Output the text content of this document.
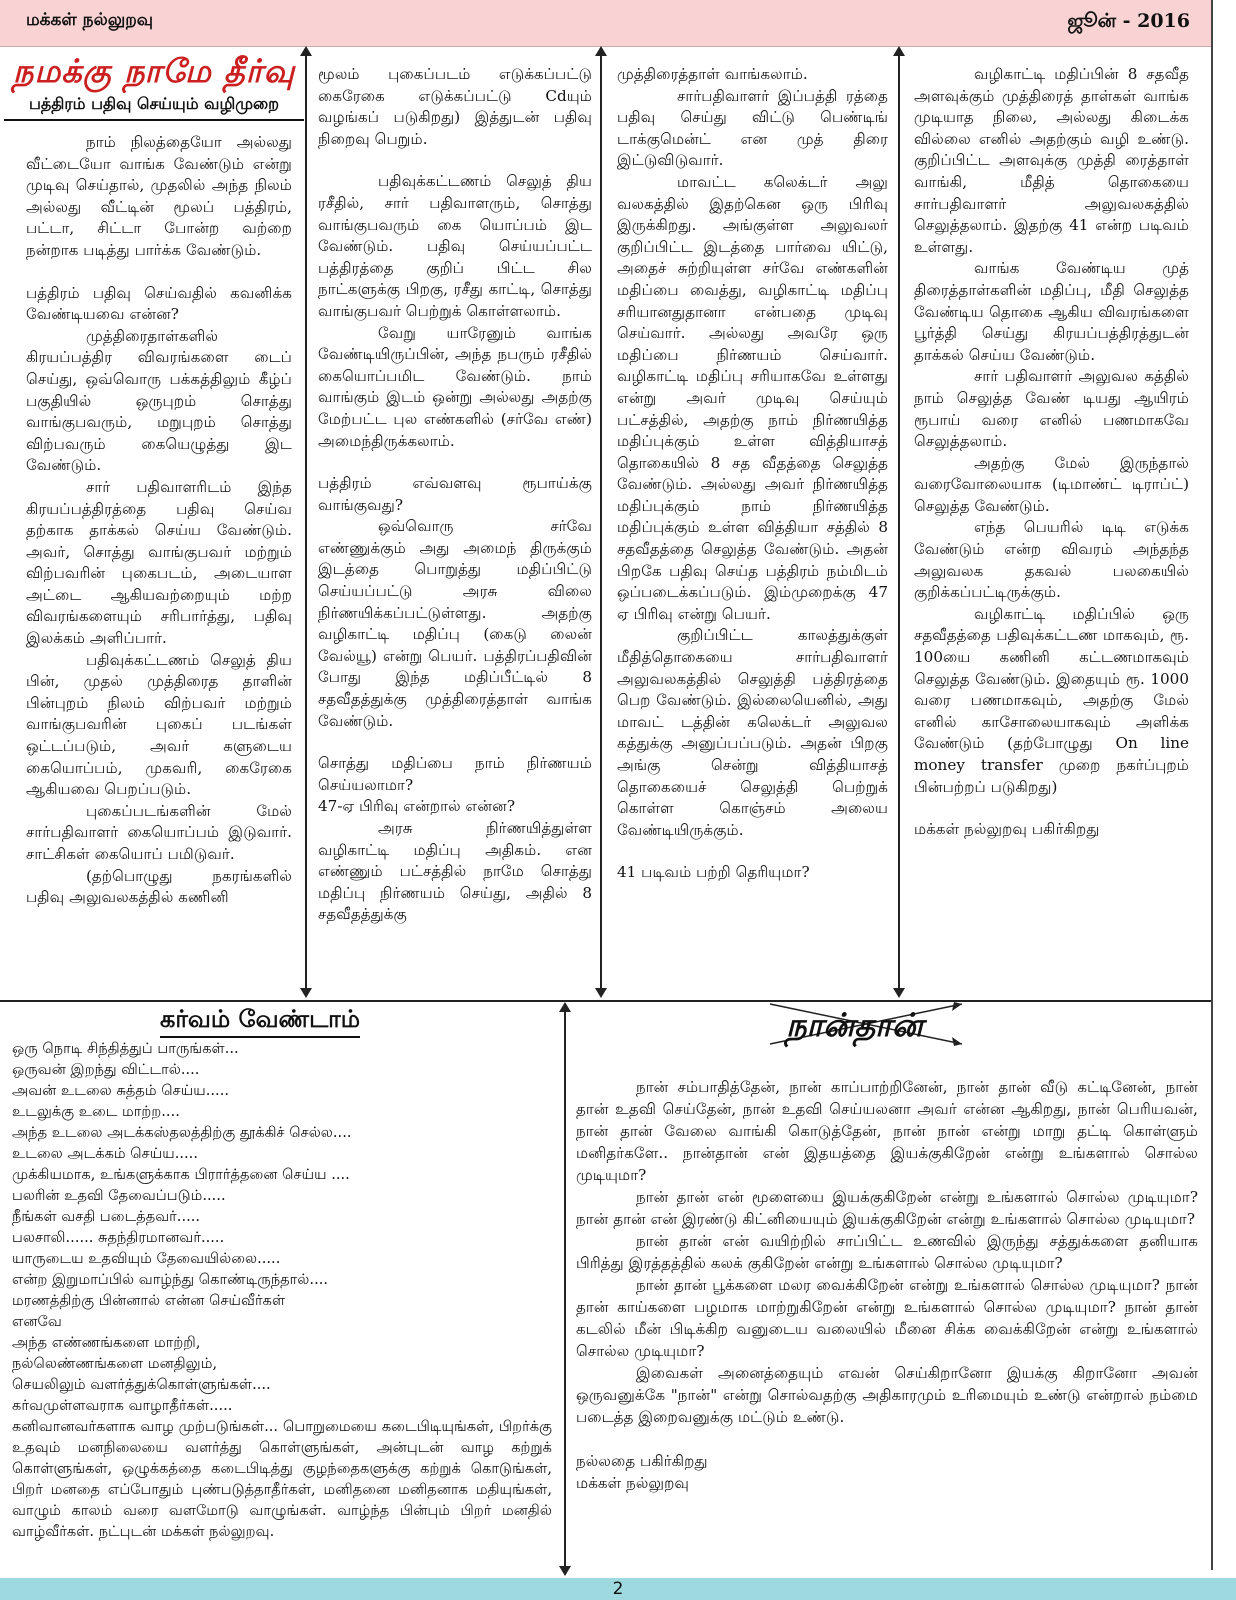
மக்கள் நல்லுறவு	ஜூன் - 2016
நமக்கு நாமே தீர்வு
பத்திரம் பதிவு செய்யும் வழிமுறை

நாம் நிலத்தையோ அல்லது வீட்டையோ வாங்க வேண்டும் என்று முடிவு செய்தால், முதலில் அந்த நிலம் அல்லது வீட்டின் மூலப் பத்திரம், பட்டா, சிட்டா போன்ற வற்றை நன்றாக படித்து பார்க்க வேண்டும்.

பத்திரம் பதிவு செய்வதில் கவனிக்க வேண்டியவை என்ன?

முத்திரைதாள்களில் கிரயப்பத்திர விவரங்களை டைப் செய்து, ஒவ்வொரு பக்கத்திலும் கீழ்ப் பகுதியில் ஒருபுறம் சொத்து வாங்குபவரும், மறுபுறம் சொத்து விற்பவரும் கையெழுத்து இட வேண்டும்.

சார் பதிவாளரிடம் இந்த கிரயப்பத்திரத்தை பதிவு செய்வ தற்காக தாக்கல் செய்ய வேண்டும். அவர், சொத்து வாங்குபவர் மற்றும் விற்பவரின் புகைபடம், அடையாள அட்டை ஆகியவற்றையும் மற்ற விவரங்களையும் சரிபார்த்து, பதிவு இலக்கம் அளிப்பார்.

பதிவுக்கட்டணம் செலுத் திய பின், முதல் முத்திரைத தாளின் பின்புறம் நிலம் விற்பவர் மற்றும் வாங்குபவரின் புகைப் படங்கள் ஒட்டப்படும், அவர் களுடைய கையொப்பம், முகவரி, கைரேகை ஆகியவை பெறப்படும்.

புகைப்படங்களின் மேல் சார்பதிவாளர் கையொப்பம் இடுவார். சாட்சிகள் கையொப் பமிடுவர்.

(தற்பொழுது நகரங்களில் பதிவு அலுவலகத்தில் கணினி

மூலம் புகைப்படம் எடுக்கப்பட்டு கைரேகை எடுக்கப்பட்டு Cdயும் வழங்கப் படுகிறது) இத்துடன் பதிவு நிறைவு பெறும்.

பதிவுக்கட்டணம் செலுத் திய ரசீதில், சார் பதிவாளரும், சொத்து வாங்குபவரும் கை யொப்பம் இட வேண்டும். பதிவு செய்யப்பட்ட பத்திரத்தை குறிப் பிட்ட சில நாட்களுக்கு பிறகு, ரசீது காட்டி, சொத்து வாங்குபவர் பெற்றுக் கொள்ளலாம்.

வேறு யாரேனும் வாங்க வேண்டியிருப்பின், அந்த நபரும் ரசீதில் கையொப்பமிட வேண்டும். நாம் வாங்கும் இடம் ஒன்று அல்லது அதற்கு மேற்பட்ட புல எண்களில் (சர்வே எண்) அமைந்திருக்கலாம்.

பத்திரம் எவ்வளவு ரூபாய்க்கு வாங்குவது?

ஒவ்வொரு சர்வே எண்ணுக்கும் அது அமைந் திருக்கும் இடத்தை பொறுத்து மதிப்பிட்டு செய்யப்பட்டு அரசு விலை நிர்ணயிக்கப்பட்டுள்ளது. அதற்கு வழிகாட்டி மதிப்பு (கைடு லைன் வேல்யூ) என்று பெயர். பத்திரப்பதிவின் போது இந்த மதிப்பீட்டில் 8 சதவீதத்துக்கு முத்திரைத்தாள் வாங்க வேண்டும்.

சொத்து மதிப்பை நாம் நிர்ணயம் செய்யலாமா?

47-ஏ பிரிவு என்றால் என்ன?

அரசு நிர்ணயித்துள்ள வழிகாட்டி மதிப்பு அதிகம். என எண்ணும் பட்சத்தில் நாமே சொத்து மதிப்பு நிர்ணயம் செய்து, அதில் 8 சதவீதத்துக்கு

முத்திரைத்தாள் வாங்கலாம்.

சார்பதிவாளர் இப்பத்தி ரத்தை பதிவு செய்து விட்டு பெண்டிங் டாக்குமென்ட் என முத் திரை இட்டுவிடுவார்.

மாவட்ட கலெக்டர் அலு வலகத்தில் இதற்கென ஒரு பிரிவு இருக்கிறது. அங்குள்ள அலுவலர் குறிப்பிட்ட இடத்தை பார்வை யிட்டு, அதைச் சுற்றியுள்ள சர்வே எண்களின் மதிப்பை வைத்து, வழிகாட்டி மதிப்பு சரியானதுதானா என்பதை முடிவு செய்வார். அல்லது அவரே ஒரு மதிப்பை நிர்ணயம் செய்வார். வழிகாட்டி மதிப்பு சரியாகவே உள்ளது என்று அவர் முடிவு செய்யும் பட்சத்தில், அதற்கு நாம் நிர்ணயித்த மதிப்புக்கும் உள்ள வித்தியாசத் தொகையில் 8 சத வீதத்தை செலுத்த வேண்டும். அல்லது அவர் நிர்ணயித்த மதிப்புக்கும் நாம் நிர்ணயித்த மதிப்புக்கும் உள்ள வித்தியா சத்தில் 8 சதவீதத்தை செலுத்த வேண்டும். அதன் பிறகே பதிவு செய்த பத்திரம் நம்மிடம் ஒப்படைக்கப்படும். இம்முறைக்கு 47 ஏ பிரிவு என்று பெயர்.

குறிப்பிட்ட காலத்துக்குள் மீதித்தொகையை சார்பதிவாளர் அலுவலகத்தில் செலுத்தி பத்திரத்தை பெற வேண்டும். இல்லையெனில், அது மாவட் டத்தின் கலெக்டர் அலுவல கத்துக்கு அனுப்பப்படும். அதன் பிறகு அங்கு சென்று வித்தியாசத் தொகையைச் செலுத்தி பெற்றுக் கொள்ள கொஞ்சம் அலைய வேண்டியிருக்கும்.

41 படிவம் பற்றி தெரியுமா?

வழிகாட்டி மதிப்பின் 8 சதவீத அளவுக்கும் முத்திரைத் தாள்கள் வாங்க முடியாத நிலை, அல்லது கிடைக்க வில்லை எனில் அதற்கும் வழி உண்டு. குறிப்பிட்ட அளவுக்கு முத்தி ரைத்தாள் வாங்கி, மீதித் தொகையை சார்பதிவாளர் அலுவலகத்தில் செலுத்தலாம். இதற்கு 41 என்ற படிவம் உள்ளது.

வாங்க வேண்டிய முத் திரைத்தாள்களின் மதிப்பு, மீதி செலுத்த வேண்டிய தொகை ஆகிய விவரங்களை பூர்த்தி செய்து கிரயப்பத்திரத்துடன் தாக்கல் செய்ய வேண்டும்.

சார் பதிவாளர் அலுவல கத்தில் நாம் செலுத்த வேண் டியது ஆயிரம் ரூபாய் வரை எனில் பணமாகவே செலுத்தலாம்.

அதற்கு மேல் இருந்தால் வரைவோலையாக (டிமாண்ட் டிராப்ட்) செலுத்த வேண்டும்.

எந்த பெயரில் டிடி எடுக்க வேண்டும் என்ற விவரம் அந்தந்த அலுவலக தகவல் பலகையில் குறிக்கப்பட்டிருக்கும்.

வழிகாட்டி மதிப்பில் ஒரு சதவீதத்தை பதிவுக்கட்டண மாகவும், ரூ. 100யை கணினி கட்டணமாகவும் செலுத்த வேண்டும். இதையும் ரூ. 1000 வரை பணமாகவும், அதற்கு மேல் எனில் காசோலையாகவும் அளிக்க வேண்டும் (தற்போழுது On line money transfer முறை நகர்ப்புறம் பின்பற்றப் படுகிறது)

மக்கள் நல்லுறவு பகிர்கிறது

கர்வம் வேண்டாம்
ஒரு நொடி சிந்தித்துப் பாருங்கள்...
ஒருவன் இறந்து விட்டால்....
அவன் உடலை சுத்தம் செய்ய.....
உடலுக்கு உடை மாற்ற....
அந்த உடலை அடக்கஸ்தலத்திற்கு தூக்கிச் செல்ல....
உடலை அடக்கம் செய்ய.....
முக்கியமாக, உங்களுக்காக பிரார்த்தனை செய்ய ....
பலரின் உதவி தேவைப்படும்.....
நீங்கள் வசதி படைத்தவர்.....
பலசாலி...... சுதந்திரமானவர்.....
யாருடைய உதவியும் தேவையில்லை.....
என்ற இறுமாப்பில் வாழ்ந்து கொண்டிருந்தால்....
மரணத்திற்கு பின்னால் என்ன செய்வீர்கள்
எனவே
அந்த எண்ணங்களை மாற்றி,
நல்லெண்ணங்களை மனதிலும்,
செயலிலும் வளர்த்துக்கொள்ளுங்கள்....
கர்வமுள்ளவராக வாழாதீர்கள்.....
கனிவானவர்களாக வாழ முற்படுங்கள்... பொறுமையை கடைபிடியுங்கள், பிறர்க்கு உதவும் மனநிலையை வளர்த்து கொள்ளுங்கள், அன்புடன் வாழ கற்றுக் கொள்ளுங்கள், ஒழுக்கத்தை கடைபிடித்து குழந்தைகளுக்கு கற்றுக் கொடுங்கள், பிறர் மனதை எப்போதும் புண்படுத்தாதீர்கள், மனிதனை மனிதனாக மதியுங்கள், வாழும் காலம் வரை வளமோடு வாழுங்கள். வாழ்ந்த பின்பும் பிறர் மனதில் வாழ்வீர்கள். நட்புடன் மக்கள் நல்லுறவு.
நான்தான்

நான் சம்பாதித்தேன், நான் காப்பாற்றினேன், நான் தான் வீடு கட்டினேன், நான் தான் உதவி செய்தேன், நான் உதவி செய்யலனா அவர் என்ன ஆகிறது, நான் பெரியவன், நான் தான் வேலை வாங்கி கொடுத்தேன், நான் நான் என்று மாறு தட்டி கொள்ளும் மனிதர்களே.. நான்தான் என் இதயத்தை இயக்குகிறேன் என்று உங்களால் சொல்ல முடியுமா?

நான் தான் என் மூளையை இயக்குகிறேன் என்று உங்களால் சொல்ல முடியுமா? நான் தான் என் இரண்டு கிட்னியையும் இயக்குகிறேன் என்று உங்களால் சொல்ல முடியுமா?

நான் தான் என் வயிற்றில் சாப்பிட்ட உணவில் இருந்து சத்துக்களை தனியாக பிரித்து இரத்தத்தில் கலக் குகிறேன் என்று உங்களால் சொல்ல முடியுமா?

நான் தான் பூக்களை மலர வைக்கிறேன் என்று உங்களால் சொல்ல முடியுமா? நான் தான் காய்களை பழமாக மாற்றுகிறேன் என்று உங்களால் சொல்ல முடியுமா? நான் தான் கடலில் மீன் பிடிக்கிற வனுடைய வலையில் மீனை சிக்க வைக்கிறேன் என்று உங்களால் சொல்ல முடியுமா?

இவைகள் அனைத்தையும் எவன் செய்கிறானோ இயக்கு கிறானோ அவன் ஒருவனுக்கே "நான்" என்று சொல்வதற்கு அதிகாரமும் உரிமையும் உண்டு என்றால் நம்மை படைத்த இறைவனுக்கு மட்டும் உண்டு.

நல்லதை பகிர்கிறது

மக்கள் நல்லுறவு

2
